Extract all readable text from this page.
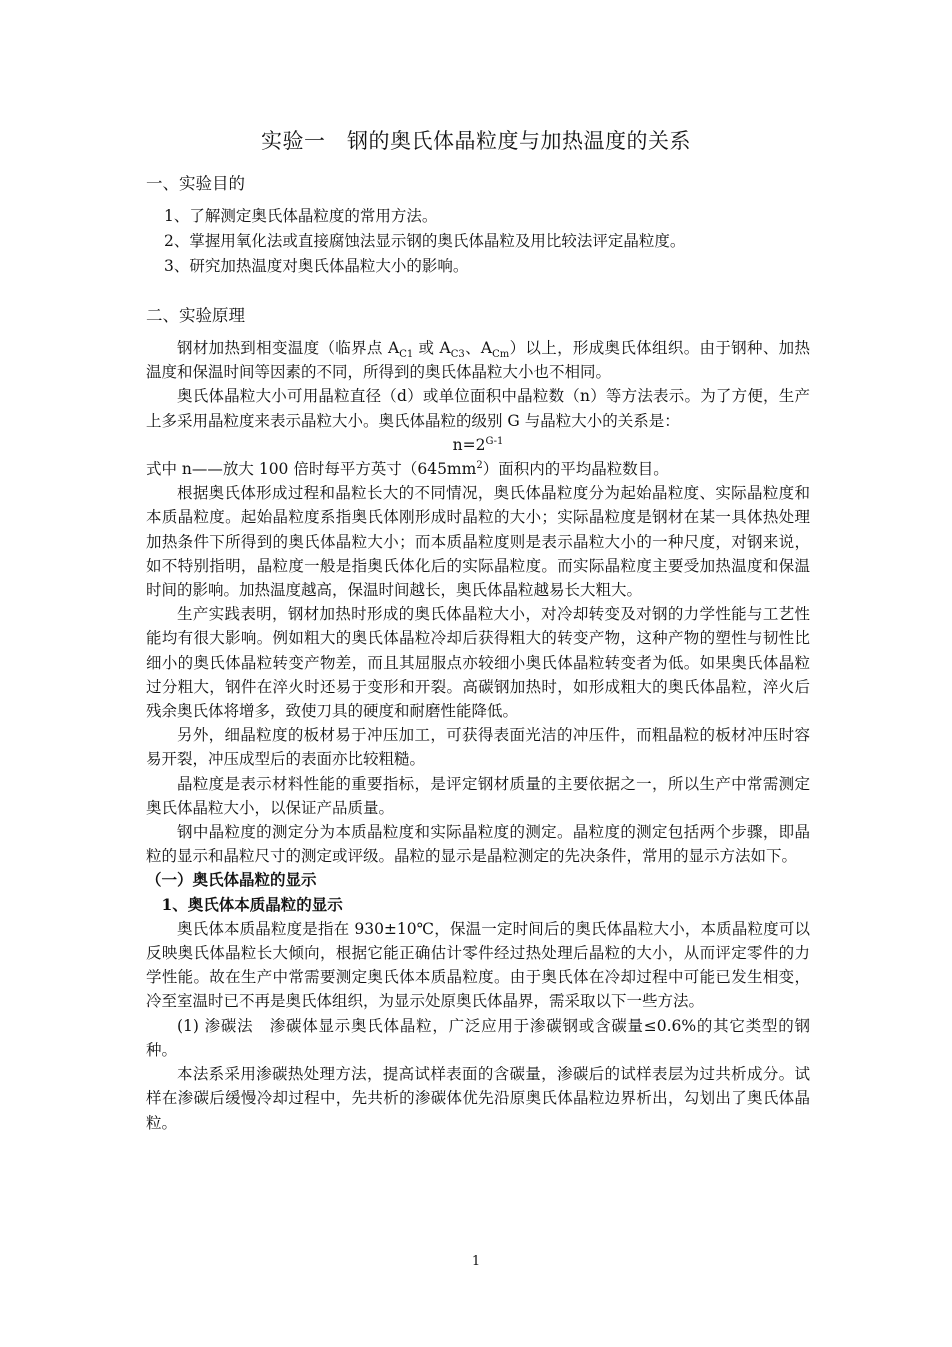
实验一　钢的奥氏体晶粒度与加热温度的关系
一、实验目的
1、了解测定奥氏体晶粒度的常用方法。
2、掌握用氧化法或直接腐蚀法显示钢的奥氏体晶粒及用比较法评定晶粒度。
3、研究加热温度对奥氏体晶粒大小的影响。
二、实验原理

钢材加热到相变温度（临界点 $A_{C1}$ 或 $A_{C3}$、$A_{Cm}$）以上，形成奥氏体组织。由于钢种、加热温度和保温时间等因素的不同，所得到的奥氏体晶粒大小也不相同。

奥氏体晶粒大小可用晶粒直径（d）或单位面积中晶粒数（n）等方法表示。为了方便，生产上多采用晶粒度来表示晶粒大小。奥氏体晶粒的级别 G 与晶粒大小的关系是：

$n=2^{G-1}$

式中 n——放大 100 倍时每平方英寸$(645mm^2)$面积内的平均晶粒数目。

根据奥氏体形成过程和晶粒长大的不同情况，奥氏体晶粒度分为起始晶粒度、实际晶粒度和本质晶粒度。起始晶粒度系指奥氏体刚形成时晶粒的大小；实际晶粒度是钢材在某一具体热处理加热条件下所得到的奥氏体晶粒大小；而本质晶粒度则是表示晶粒大小的一种尺度，对钢来说，如不特别指明，晶粒度一般是指奥氏体化后的实际晶粒度。而实际晶粒度主要受加热温度和保温时间的影响。加热温度越高，保温时间越长，奥氏体晶粒越易长大粗大。

生产实践表明，钢材加热时形成的奥氏体晶粒大小，对冷却转变及对钢的力学性能与工艺性能均有很大影响。例如粗大的奥氏体晶粒冷却后获得粗大的转变产物，这种产物的塑性与韧性比细小的奥氏体晶粒转变产物差，而且其屈服点亦较细小奥氏体晶粒转变者为低。如果奥氏体晶粒过分粗大，钢件在淬火时还易于变形和开裂。高碳钢加热时，如形成粗大的奥氏体晶粒，淬火后残余奥氏体将增多，致使刀具的硬度和耐磨性能降低。

另外，细晶粒度的板材易于冲压加工，可获得表面光洁的冲压件，而粗晶粒的板材冲压时容易开裂，冲压成型后的表面亦比较粗糙。

晶粒度是表示材料性能的重要指标，是评定钢材质量的主要依据之一，所以生产中常需测定奥氏体晶粒大小，以保证产品质量。

钢中晶粒度的测定分为本质晶粒度和实际晶粒度的测定。晶粒度的测定包括两个步骤，即晶粒的显示和晶粒尺寸的测定或评级。晶粒的显示是晶粒测定的先决条件，常用的显示方法如下。

（一）奥氏体晶粒的显示

1、奥氏体本质晶粒的显示

奥氏体本质晶粒度是指在 930±10℃，保温一定时间后的奥氏体晶粒大小，本质晶粒度可以反映奥氏体晶粒长大倾向，根据它能正确估计零件经过热处理后晶粒的大小，从而评定零件的力学性能。故在生产中常需要测定奥氏体本质晶粒度。由于奥氏体在冷却过程中可能已发生相变，冷至室温时已不再是奥氏体组织，为显示处原奥氏体晶界，需采取以下一些方法。

(1) 渗碳法　渗碳体显示奥氏体晶粒，广泛应用于渗碳钢或含碳量≤0.6%的其它类型的钢种。

本法系采用渗碳热处理方法，提高试样表面的含碳量，渗碳后的试样表层为过共析成分。试样在渗碳后缓慢冷却过程中，先共析的渗碳体优先沿原奥氏体晶粒边界析出，勾划出了奥氏体晶粒。

1
